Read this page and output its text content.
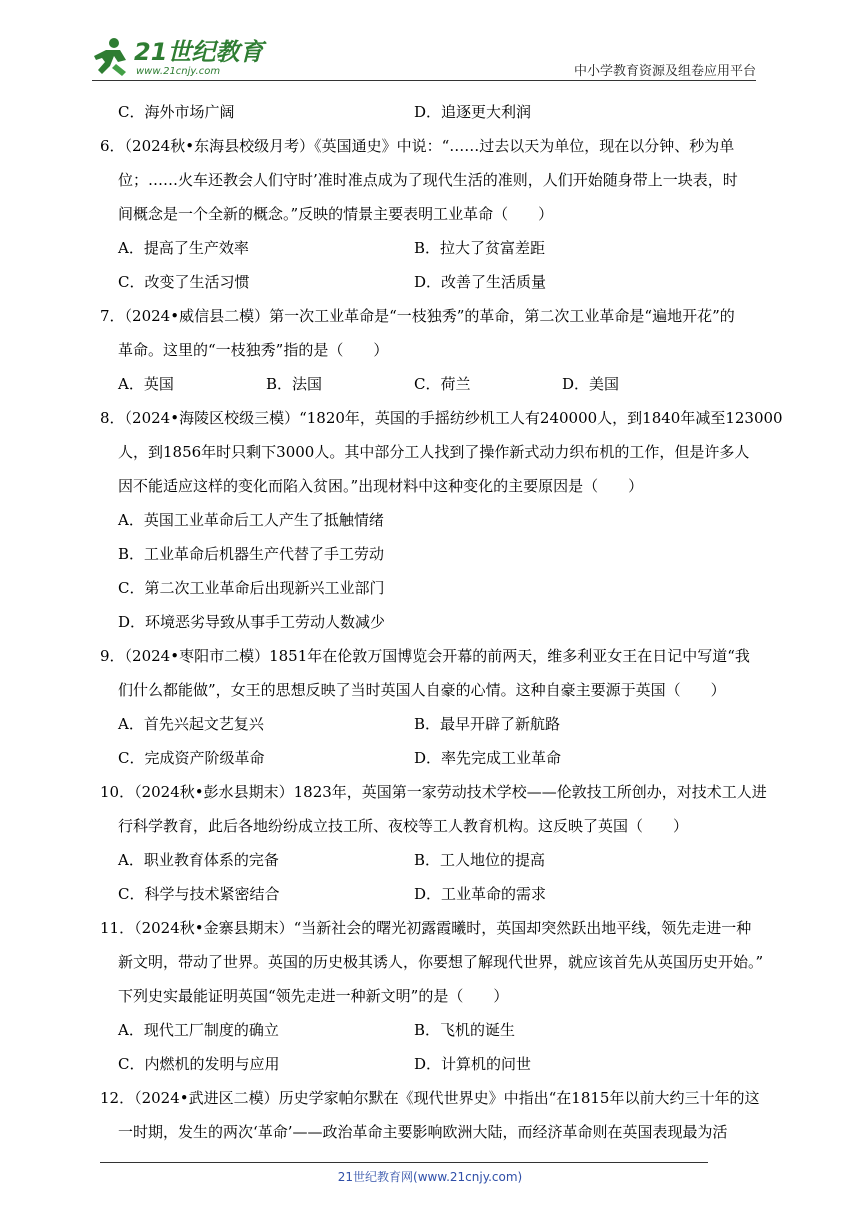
21世纪教育
www.21cnjy.com	中小学教育资源及组卷应用平台
C．海外市场广阔	D．追逐更大利润
6．（2024秋•东海县校级月考）《英国通史》中说：“……过去以天为单位，现在以分钟、秒为单
位；……火车还教会人们守时’准时准点成为了现代生活的准则，人们开始随身带上一块表，时
间概念是一个全新的概念。”反映的情景主要表明工业革命（　　）
A．提高了生产效率	B．拉大了贫富差距
C．改变了生活习惯	D．改善了生活质量
7．（2024•威信县二模）第一次工业革命是“一枝独秀”的革命，第二次工业革命是“遍地开花”的
革命。这里的“一枝独秀”指的是（　　）
A．英国	B．法国	C．荷兰	D．美国
8．（2024•海陵区校级三模）“1820年，英国的手摇纺纱机工人有240000人，到1840年减至123000
人，到1856年时只剩下3000人。其中部分工人找到了操作新式动力织布机的工作，但是许多人
因不能适应这样的变化而陷入贫困。”出现材料中这种变化的主要原因是（　　）
A．英国工业革命后工人产生了抵触情绪
B．工业革命后机器生产代替了手工劳动
C．第二次工业革命后出现新兴工业部门
D．环境恶劣导致从事手工劳动人数减少
9．（2024•枣阳市二模）1851年在伦敦万国博览会开幕的前两天，维多利亚女王在日记中写道“我
们什么都能做”，女王的思想反映了当时英国人自豪的心情。这种自豪主要源于英国（　　）
A．首先兴起文艺复兴	B．最早开辟了新航路
C．完成资产阶级革命	D．率先完成工业革命
10．（2024秋•彭水县期末）1823年，英国第一家劳动技术学校——伦敦技工所创办，对技术工人进
行科学教育，此后各地纷纷成立技工所、夜校等工人教育机构。这反映了英国（　　）
A．职业教育体系的完备	B．工人地位的提高
C．科学与技术紧密结合	D．工业革命的需求
11．（2024秋•金寨县期末）“当新社会的曙光初露霞曦时，英国却突然跃出地平线，领先走进一种
新文明，带动了世界。英国的历史极其诱人，你要想了解现代世界，就应该首先从英国历史开始。”
下列史实最能证明英国“领先走进一种新文明”的是（　　）
A．现代工厂制度的确立	B．飞机的诞生
C．内燃机的发明与应用	D．计算机的问世
12．（2024•武进区二模）历史学家帕尔默在《现代世界史》中指出“在1815年以前大约三十年的这
一时期，发生的两次‘革命’——政治革命主要影响欧洲大陆，而经济革命则在英国表现最为活
21世纪教育网(www.21cnjy.com)
